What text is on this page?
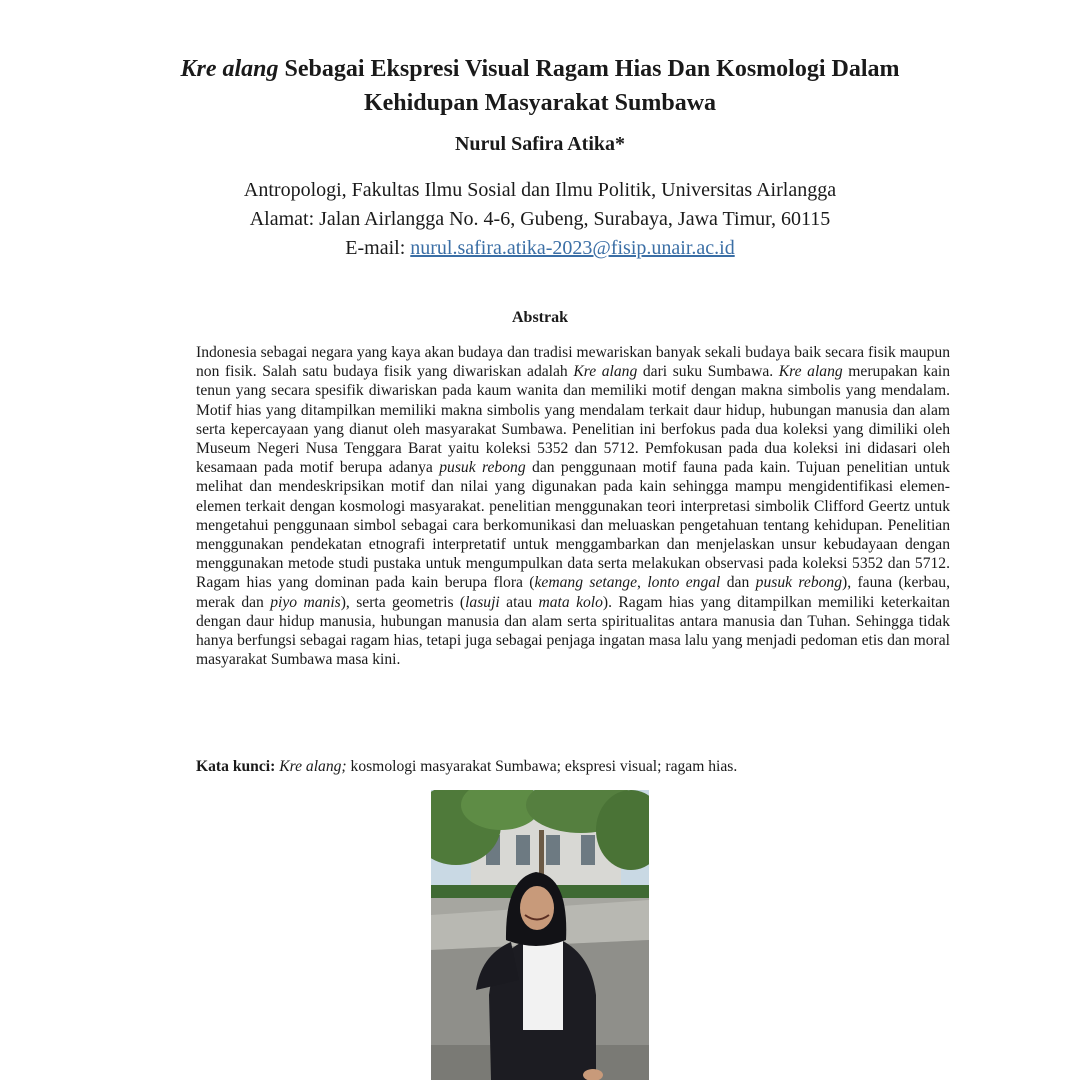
Kre alang Sebagai Ekspresi Visual Ragam Hias Dan Kosmologi Dalam
Kehidupan Masyarakat Sumbawa

Nurul Safira Atika*

Antropologi, Fakultas Ilmu Sosial dan Ilmu Politik, Universitas Airlangga
Alamat: Jalan Airlangga No. 4-6, Gubeng, Surabaya, Jawa Timur, 60115
E-mail: nurul.safira.atika-2023@fisip.unair.ac.id

Abstrak

Indonesia sebagai negara yang kaya akan budaya dan tradisi mewariskan banyak sekali budaya baik secara fisik maupun non fisik. Salah satu budaya fisik yang diwariskan adalah Kre alang dari suku Sumbawa. Kre alang merupakan kain tenun yang secara spesifik diwariskan pada kaum wanita dan memiliki motif dengan makna simbolis yang mendalam. Motif hias yang ditampilkan memiliki makna simbolis yang mendalam terkait daur hidup, hubungan manusia dan alam serta kepercayaan yang dianut oleh masyarakat Sumbawa. Penelitian ini berfokus pada dua koleksi yang dimiliki oleh Museum Negeri Nusa Tenggara Barat yaitu koleksi 5352 dan 5712. Pemfokusan pada dua koleksi ini didasari oleh kesamaan pada motif berupa adanya pusuk rebong dan penggunaan motif fauna pada kain. Tujuan penelitian untuk melihat dan mendeskripsikan motif dan nilai yang digunakan pada kain sehingga mampu mengidentifikasi elemen-elemen terkait dengan kosmologi masyarakat. penelitian menggunakan teori interpretasi simbolik Clifford Geertz untuk mengetahui penggunaan simbol sebagai cara berkomunikasi dan meluaskan pengetahuan tentang kehidupan. Penelitian menggunakan pendekatan etnografi interpretatif untuk menggambarkan dan menjelaskan unsur kebudayaan dengan menggunakan metode studi pustaka untuk mengumpulkan data serta melakukan observasi pada koleksi 5352 dan 5712. Ragam hias yang dominan pada kain berupa flora (kemang setange, lonto engal dan pusuk rebong), fauna (kerbau, merak dan piyo manis), serta geometris (lasuji atau mata kolo). Ragam hias yang ditampilkan memiliki keterkaitan dengan daur hidup manusia, hubungan manusia dan alam serta spiritualitas antara manusia dan Tuhan. Sehingga tidak hanya berfungsi sebagai ragam hias, tetapi juga sebagai penjaga ingatan masa lalu yang menjadi pedoman etis dan moral masyarakat Sumbawa masa kini.

Kata kunci: Kre alang; kosmologi masyarakat Sumbawa; ekspresi visual; ragam hias.
